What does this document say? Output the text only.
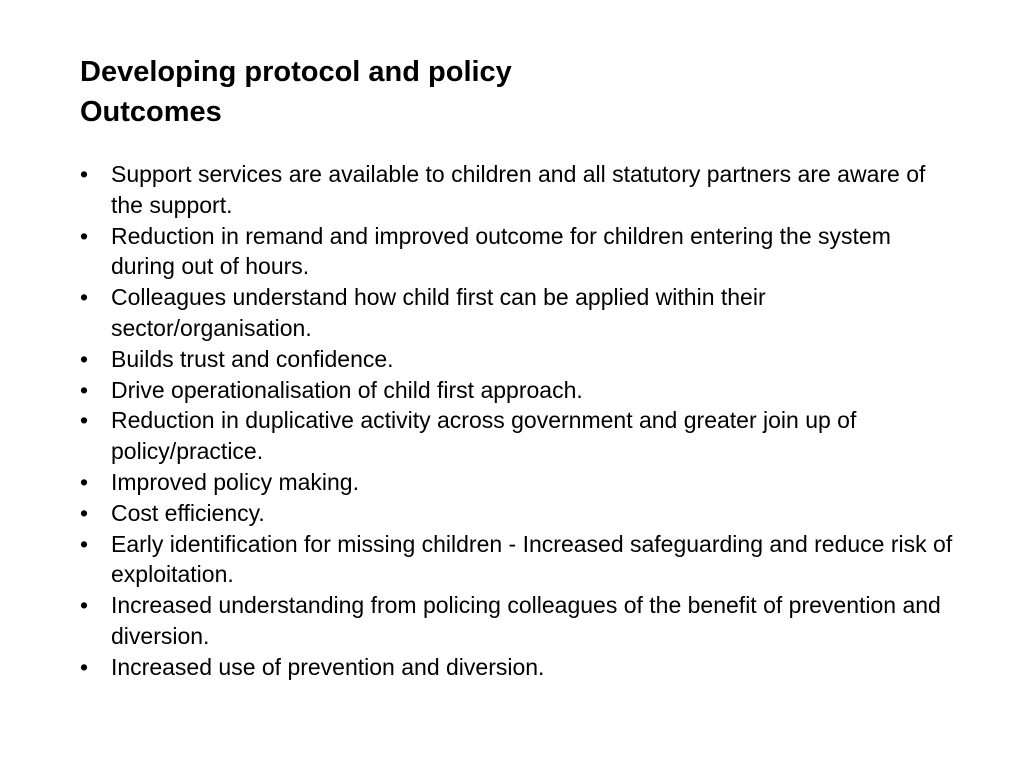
Developing protocol and policy
Outcomes
• Support services are available to children and all statutory partners are aware of the support.
• Reduction in remand and improved outcome for children entering the system during out of hours.
• Colleagues understand how child first can be applied within their sector/organisation.
• Builds trust and confidence.
• Drive operationalisation of child first approach.
• Reduction in duplicative activity across government and greater join up of policy/practice.
• Improved policy making.
• Cost efficiency.
• Early identification for missing children - Increased safeguarding and reduce risk of exploitation.
• Increased understanding from policing colleagues of the benefit of prevention and diversion.
• Increased use of prevention and diversion.
